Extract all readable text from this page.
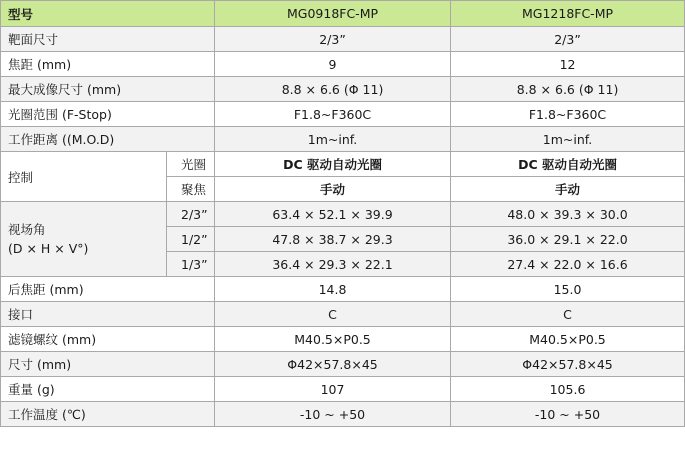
型号		MG0918FC-MP	MG1218FC-MP
靶面尺寸		2/3”	2/3”
焦距 (mm)		9	12
最大成像尺寸 (mm)		8.8 × 6.6 (Φ 11)	8.8 × 6.6 (Φ 11)
光圈范围 (F-Stop)		F1.8~F360C	F1.8~F360C
工作距离 ((M.O.D)		1m~inf.	1m~inf.
控制	光圈	DC 驱动自动光圈	DC 驱动自动光圈
	聚焦	手动	手动

视场角
(D × H × V°)	2/3”	63.4 × 52.1 × 39.9	48.0 × 39.3 × 30.0
	1/2”	47.8 × 38.7 × 29.3	36.0 × 29.1 × 22.0
	1/3”	36.4 × 29.3 × 22.1	27.4 × 22.0 × 16.6
后焦距 (mm)		14.8	15.0
接口		C	C
滤镜螺纹 (mm)		M40.5×P0.5	M40.5×P0.5
尺寸 (mm)		Φ42×57.8×45	Φ42×57.8×45
重量 (g)		107	105.6
工作温度 (℃)		-10 ~ +50	-10 ~ +50
